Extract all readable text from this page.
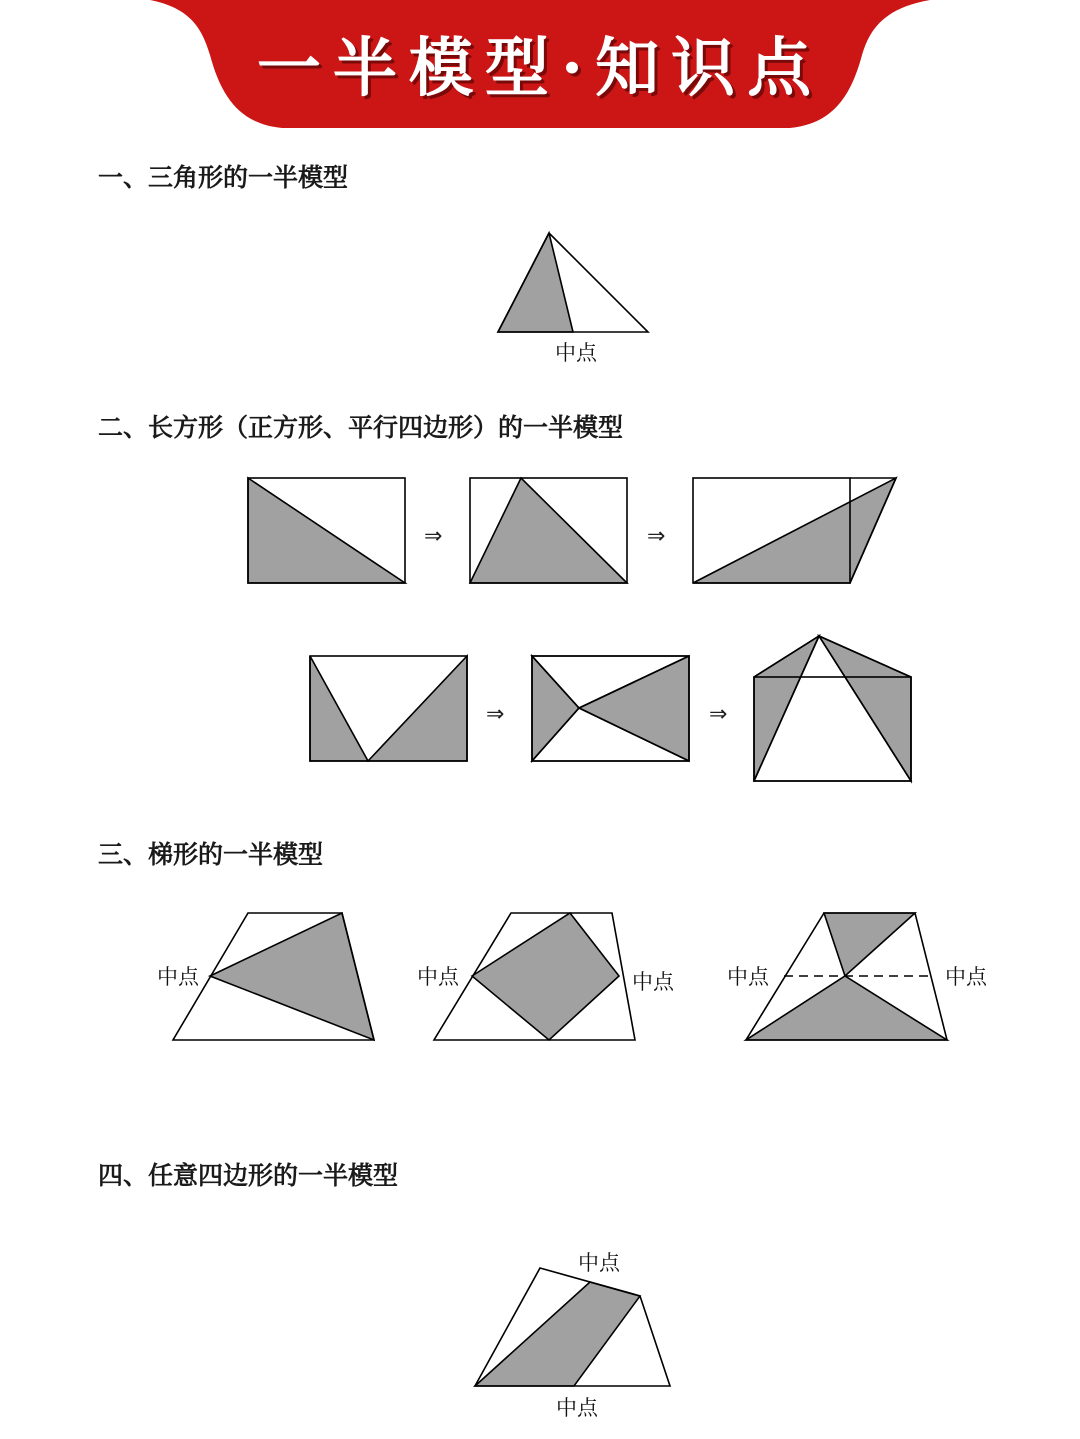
一半模型·知识点
一、三角形的一半模型
中点
二、长方形（正方形、平行四边形）的一半模型
⇒	⇒
⇒	⇒
三、梯形的一半模型
中点	中点	中点	中点	中点
四、任意四边形的一半模型
中点
中点
